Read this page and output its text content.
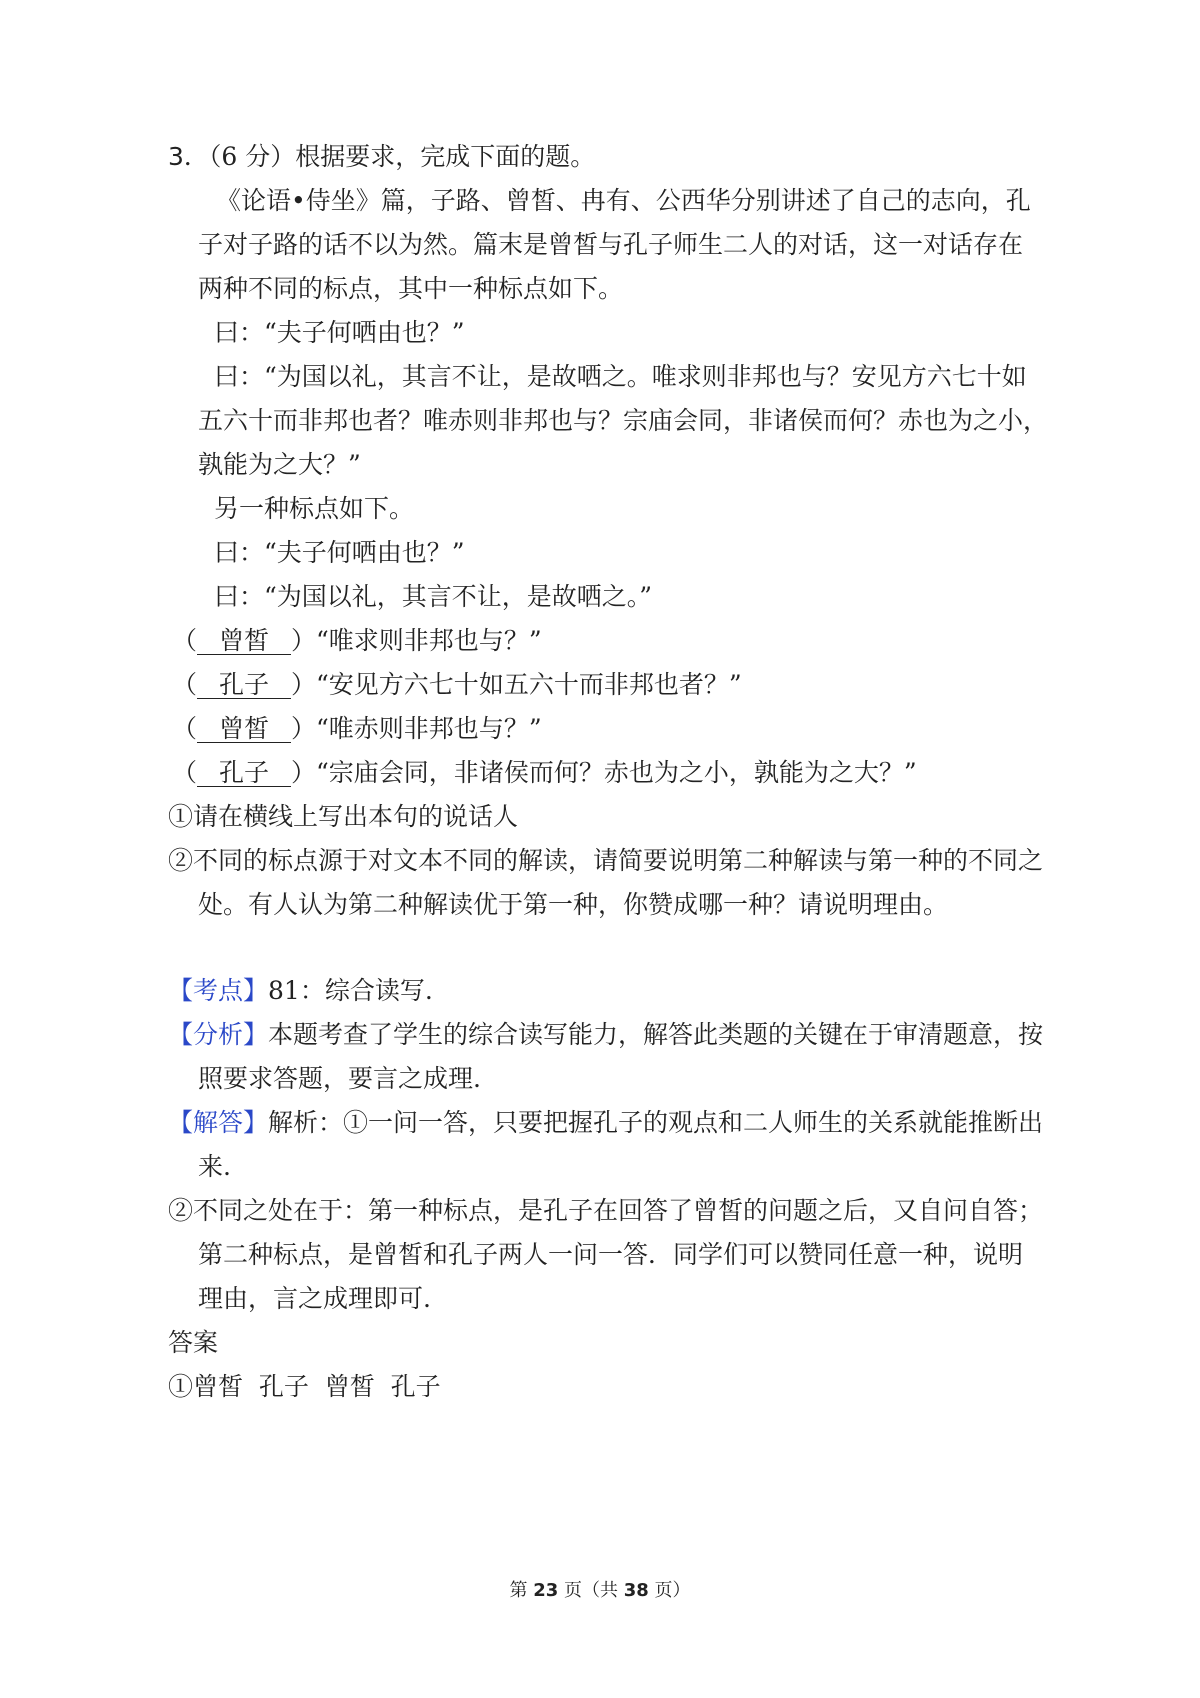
3．（6 分）根据要求，完成下面的题。
《论语•侍坐》篇，子路、曾皙、冉有、公西华分别讲述了自己的志向，孔
子对子路的话不以为然。篇末是曾皙与孔子师生二人的对话，这一对话存在
两种不同的标点，其中一种标点如下。
曰：“夫子何哂由也？”
曰：“为国以礼，其言不让，是故哂之。唯求则非邦也与？安见方六七十如
五六十而非邦也者？唯赤则非邦也与？宗庙会同，非诸侯而何？赤也为之小，
孰能为之大？”
另一种标点如下。
曰：“夫子何哂由也？”
曰：“为国以礼，其言不让，是故哂之。”
（ 曾皙 ）“唯求则非邦也与？”
（ 孔子 ）“安见方六七十如五六十而非邦也者？”
（ 曾皙 ）“唯赤则非邦也与？”
（ 孔子 ）“宗庙会同，非诸侯而何？赤也为之小，孰能为之大？”
①请在横线上写出本句的说话人
②不同的标点源于对文本不同的解读，请简要说明第二种解读与第一种的不同之
处。有人认为第二种解读优于第一种，你赞成哪一种？请说明理由。
【考点】81：综合读写.
【分析】本题考查了学生的综合读写能力，解答此类题的关键在于审清题意，按
照要求答题，要言之成理.
【解答】解析：①一问一答，只要把握孔子的观点和二人师生的关系就能推断出
来.
②不同之处在于：第一种标点，是孔子在回答了曾皙的问题之后，又自问自答；
第二种标点，是曾皙和孔子两人一问一答．同学们可以赞同任意一种，说明
理由，言之成理即可.
答案
①曾皙  孔子  曾皙  孔子
第 23 页（共 38 页）
